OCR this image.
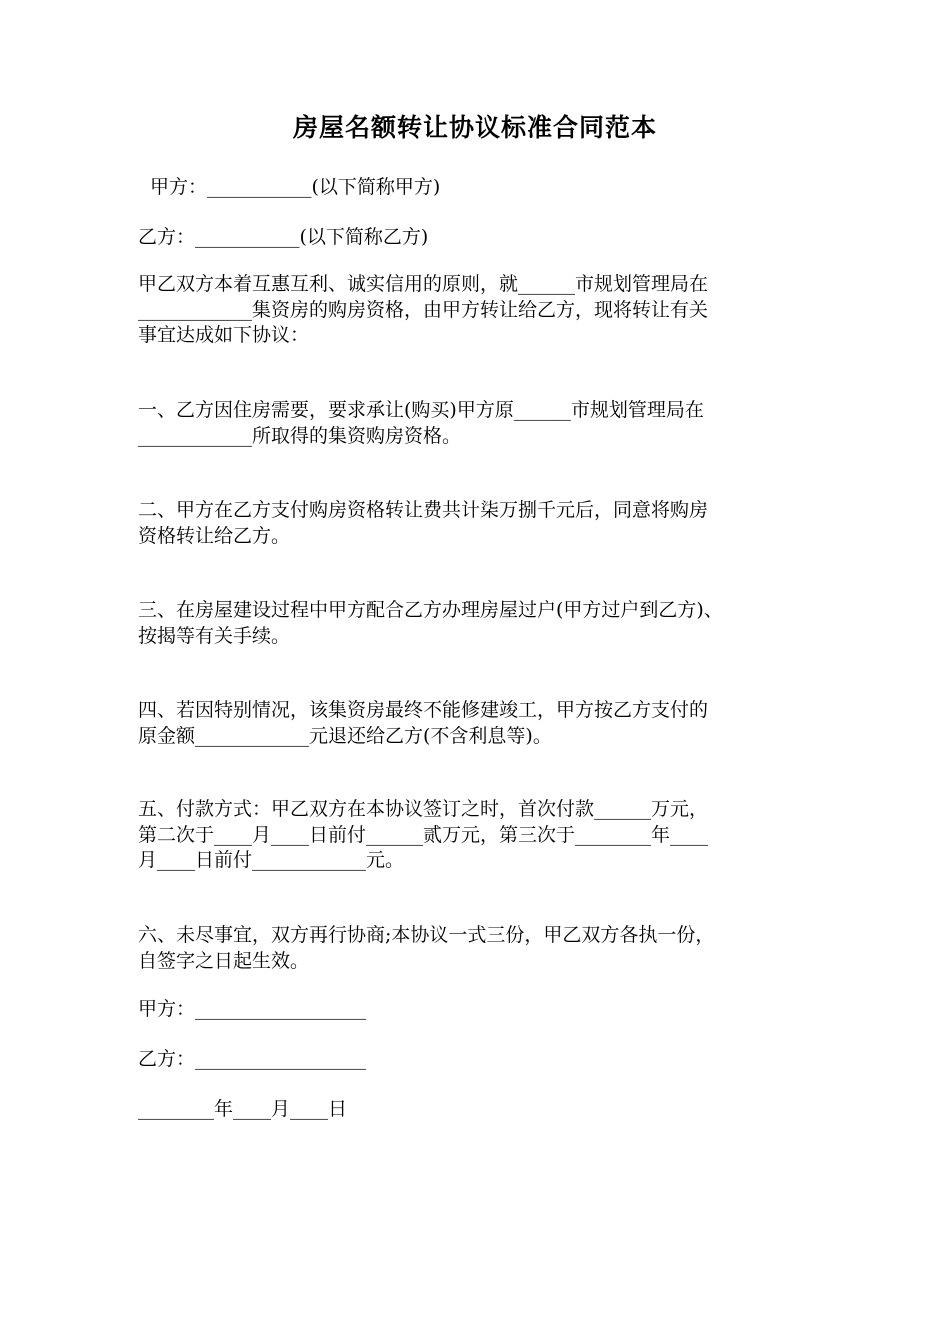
房屋名额转让协议标准合同范本
甲方：___________(以下简称甲方)
乙方：___________(以下简称乙方)
甲乙双方本着互惠互利、诚实信用的原则，就______市规划管理局在
____________集资房的购房资格，由甲方转让给乙方，现将转让有关
事宜达成如下协议：
一、乙方因住房需要，要求承让(购买)甲方原______市规划管理局在
____________所取得的集资购房资格。
二、甲方在乙方支付购房资格转让费共计柒万捌千元后，同意将购房
资格转让给乙方。
三、在房屋建设过程中甲方配合乙方办理房屋过户(甲方过户到乙方)、
按揭等有关手续。
四、若因特别情况，该集资房最终不能修建竣工，甲方按乙方支付的
原金额____________元退还给乙方(不含利息等)。
五、付款方式：甲乙双方在本协议签订之时，首次付款______万元，
第二次于____月____日前付______贰万元，第三次于________年____
月____日前付____________元。
六、未尽事宜，双方再行协商;本协议一式三份，甲乙双方各执一份，
自签字之日起生效。
甲方：__________________
乙方：__________________
________年____月____日
